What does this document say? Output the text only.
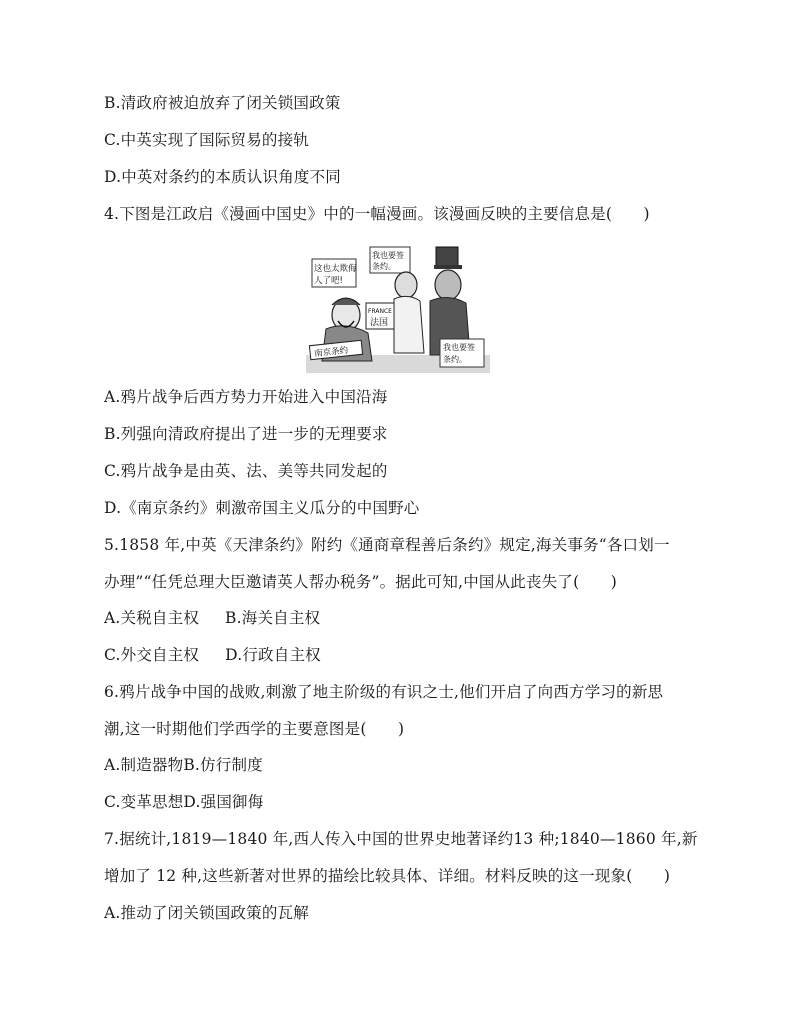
B.清政府被迫放弃了闭关锁国政策
C.中英实现了国际贸易的接轨
D.中英对条约的本质认识角度不同
4.下图是江政启《漫画中国史》中的一幅漫画。该漫画反映的主要信息是(　　)
这也太欺侮
人了吧!
我也要签
条约。
南京条约
FRANCE
法国
我也要签
条约。
A.鸦片战争后西方势力开始进入中国沿海
B.列强向清政府提出了进一步的无理要求
C.鸦片战争是由英、法、美等共同发起的
D.《南京条约》刺激帝国主义瓜分的中国野心
5.1858 年,中英《天津条约》附约《通商章程善后条约》规定,海关事务“各口划一
办理”“任凭总理大臣邀请英人帮办税务”。据此可知,中国从此丧失了(　　)
A.关税自主权 B.海关自主权
C.外交自主权 D.行政自主权
6.鸦片战争中国的战败,刺激了地主阶级的有识之士,他们开启了向西方学习的新思
潮,这一时期他们学西学的主要意图是(　　)
A.制造器物B.仿行制度
C.变革思想D.强国御侮
7.据统计,1819—1840 年,西人传入中国的世界史地著译约13 种;1840—1860 年,新
增加了 12 种,这些新著对世界的描绘比较具体、详细。材料反映的这一现象(　　)
A.推动了闭关锁国政策的瓦解
